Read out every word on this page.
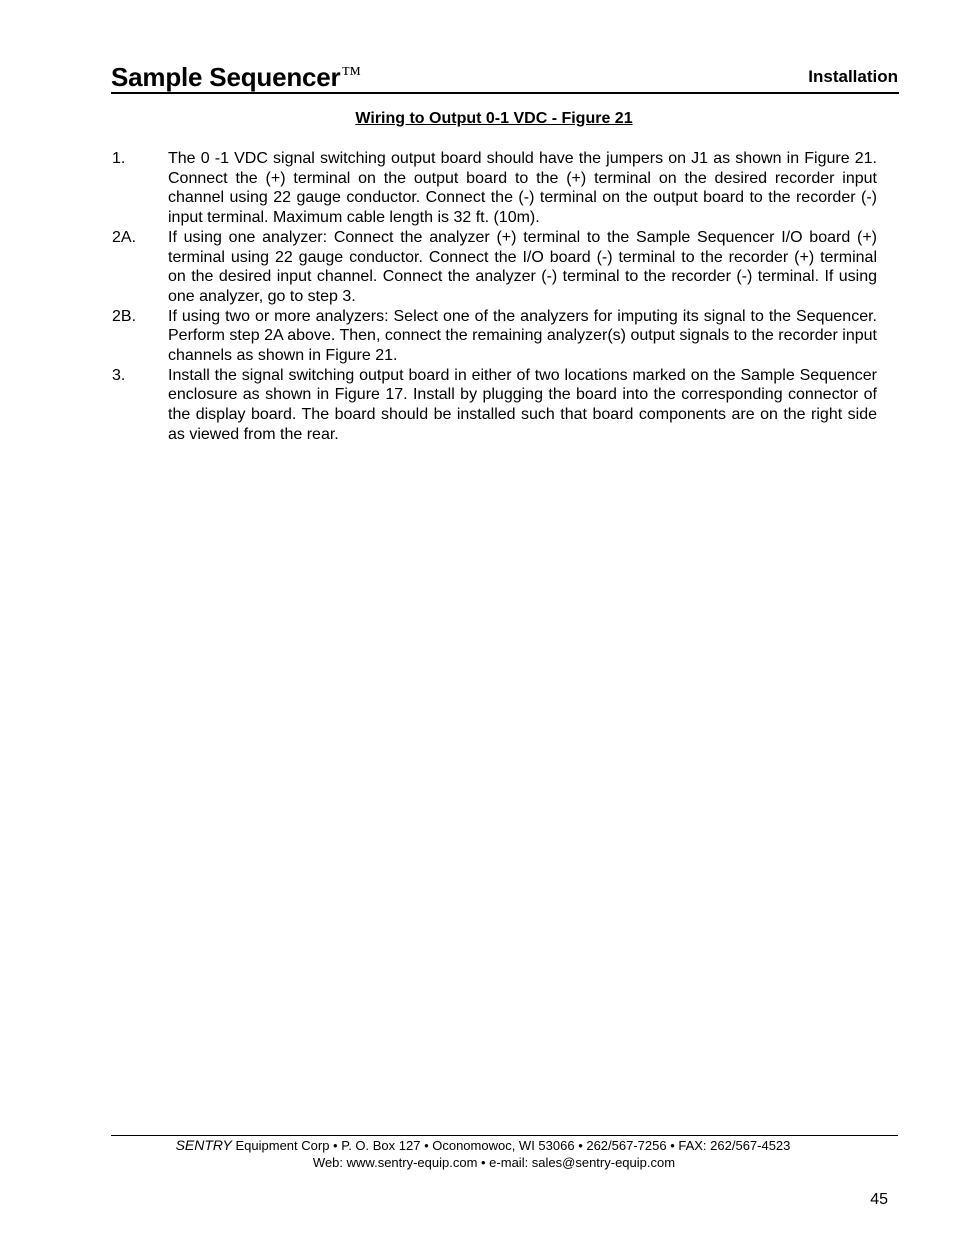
Sample Sequencer™	Installation
Wiring to Output 0-1 VDC - Figure 21
1.	The 0 -1 VDC signal switching output board should have the jumpers on J1 as shown in Figure 21. Connect the (+) terminal on the output board to the (+) terminal on the desired recorder input channel using 22 gauge conductor. Connect the (-) terminal on the output board to the recorder (-) input terminal. Maximum cable length is 32 ft. (10m).
2A. If using one analyzer: Connect the analyzer (+) terminal to the Sample Sequencer I/O board (+) terminal using 22 gauge conductor. Connect the I/O board (-) terminal to the recorder (+) terminal on the desired input channel. Connect the analyzer (-) terminal to the recorder (-) terminal. If using one analyzer, go to step 3.
2B. If using two or more analyzers: Select one of the analyzers for imputing its signal to the Sequencer. Perform step 2A above. Then, connect the remaining analyzer(s) output signals to the recorder input channels as shown in Figure 21.
3.	Install the signal switching output board in either of two locations marked on the Sample Sequencer enclosure as shown in Figure 17. Install by plugging the board into the corresponding connector of the display board. The board should be installed such that board components are on the right side as viewed from the rear.
SENTRY Equipment Corp • P. O. Box 127 • Oconomowoc, WI 53066 • 262/567-7256 • FAX: 262/567-4523
Web: www.sentry-equip.com • e-mail: sales@sentry-equip.com
45
